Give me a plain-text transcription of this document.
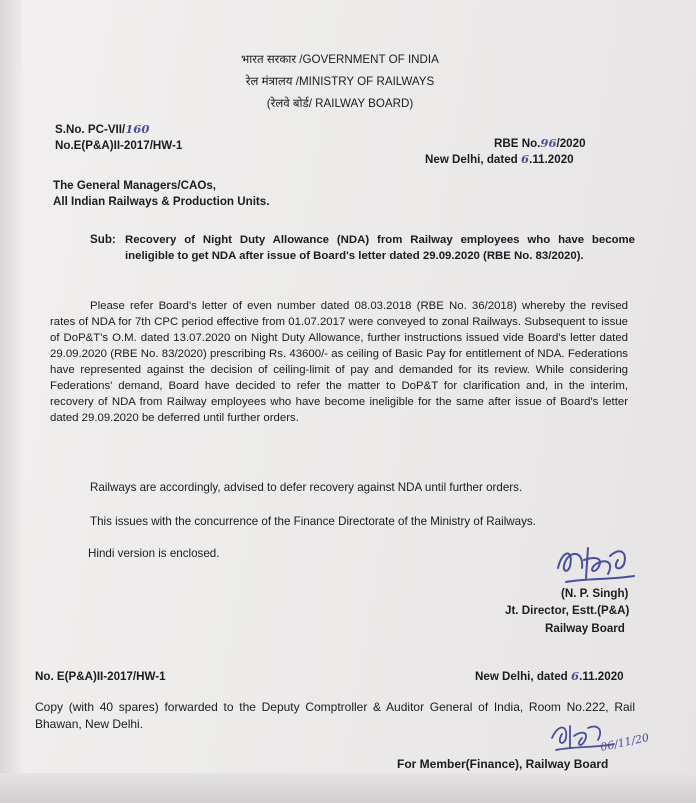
भारत सरकार /GOVERNMENT OF INDIA
रेल मंत्रालय /MINISTRY OF RAILWAYS
(रेलवे बोर्ड/ RAILWAY BOARD)
S.No. PC-VII/160
No.E(P&A)II-2017/HW-1	RBE No.96/2020
New Delhi, dated 6.11.2020
The General Managers/CAOs,
All Indian Railways & Production Units.
Sub: Recovery of Night Duty Allowance (NDA) from Railway employees who have become ineligible to get NDA after issue of Board's letter dated 29.09.2020 (RBE No. 83/2020).
Please refer Board's letter of even number dated 08.03.2018 (RBE No. 36/2018) whereby the revised rates of NDA for 7th CPC period effective from 01.07.2017 were conveyed to zonal Railways. Subsequent to issue of DoP&T's O.M. dated 13.07.2020 on Night Duty Allowance, further instructions issued vide Board's letter dated 29.09.2020 (RBE No. 83/2020) prescribing Rs. 43600/- as ceiling of Basic Pay for entitlement of NDA. Federations have represented against the decision of ceiling-limit of pay and demanded for its review. While considering Federations' demand, Board have decided to refer the matter to DoP&T for clarification and, in the interim, recovery of NDA from Railway employees who have become ineligible for the same after issue of Board's letter dated 29.09.2020 be deferred until further orders.
Railways are accordingly, advised to defer recovery against NDA until further orders.
This issues with the concurrence of the Finance Directorate of the Ministry of Railways.
Hindi version is enclosed.
(N. P. Singh)
Jt. Director, Estt.(P&A)
Railway Board
No. E(P&A)II-2017/HW-1	New Delhi, dated 6.11.2020
Copy (with 40 spares) forwarded to the Deputy Comptroller & Auditor General of India, Room No.222, Rail Bhawan, New Delhi.
06/11/20
For Member(Finance), Railway Board
